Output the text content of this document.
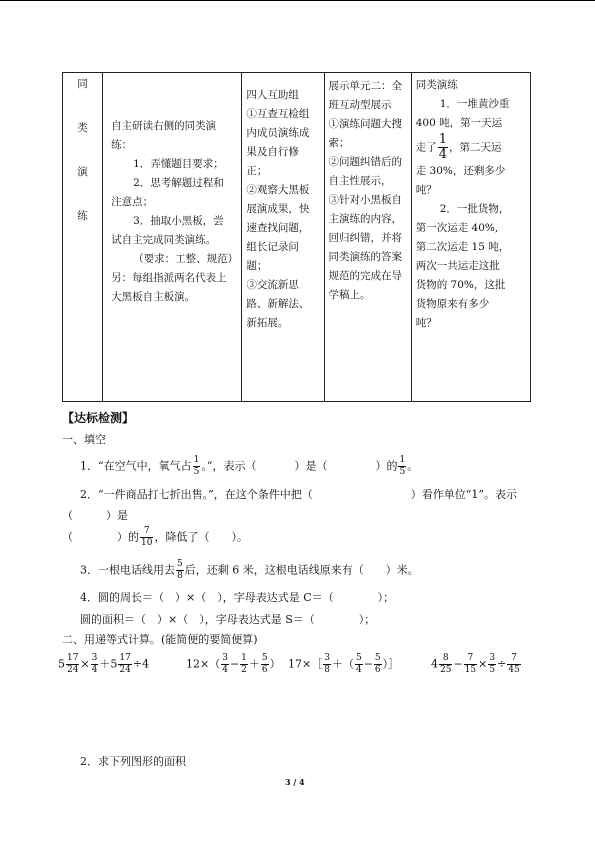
同
类
演
练

自主研读右侧的同类演练：
1．弄懂题目要求；
2．思考解题过程和
注意点；
3．抽取小黑板，尝
试自主完成同类演练。
（要求：工整、规范）
另：每组指派两名代表上大黑板自主板演。

四人互助组
①互查互检组内成员演练成果及自行修正；
②观察大黑板展演成果，快速查找问题，组长记录问题；
③交流新思路、新解法、新拓展。

展示单元二：全班互动型展示
①演练问题大搜索；
②问题纠错后的自主性展示，
③针对小黑板自主演练的内容，回归纠错，并将同类演练的答案规范的完成在导学稿上。

同类演练
1．一堆黄沙重
400 吨，第一天运
走了 $\frac{1}{4}$ ，第二天运
走 30%，还剩多少
吨？
2．一批货物，
第一次运走 40%,
第二次运走 15 吨，
两次一共运走这批
货物的 70%，这批
货物原来有多少
吨？
【达标检测】
一、填空
1．“在空气中，氧气占 $\frac{1}{5}$ 。”，表示（	）是（	）的 $\frac{1}{5}$ 。
2．“一件商品打七折出售。”，在这个条件中把（	）看作单位“1”。表示
（　　　）是
（　　　　）的 $\frac{7}{10}$ ，降低了（　　）。
3．一根电话线用去 $\frac{5}{8}$ 后，还剩 6 米，这根电话线原来有（　　）米。
4．圆的周长＝（　）×（　），字母表达式是 C＝（　　　　）；
圆的面积＝（　）×（　），字母表达式是 S＝（　　　　）；
二、用递等式计算。(能简便的要简便算)
$5 \frac{17}{24} \times \frac{3}{4} +5 \frac{17}{24} \div 4$	$12\times( \frac{3}{4} - \frac{1}{2} + \frac{5}{6}$ ） 17×［ $\frac{3}{8}$ ＋（ $\frac{5}{4} - \frac{5}{6}$ ）］	$4 \frac{8}{25} - \frac{7}{15} \times \frac{3}{5} \div \frac{7}{45}$
2．求下列图形的面积
3 / 4
